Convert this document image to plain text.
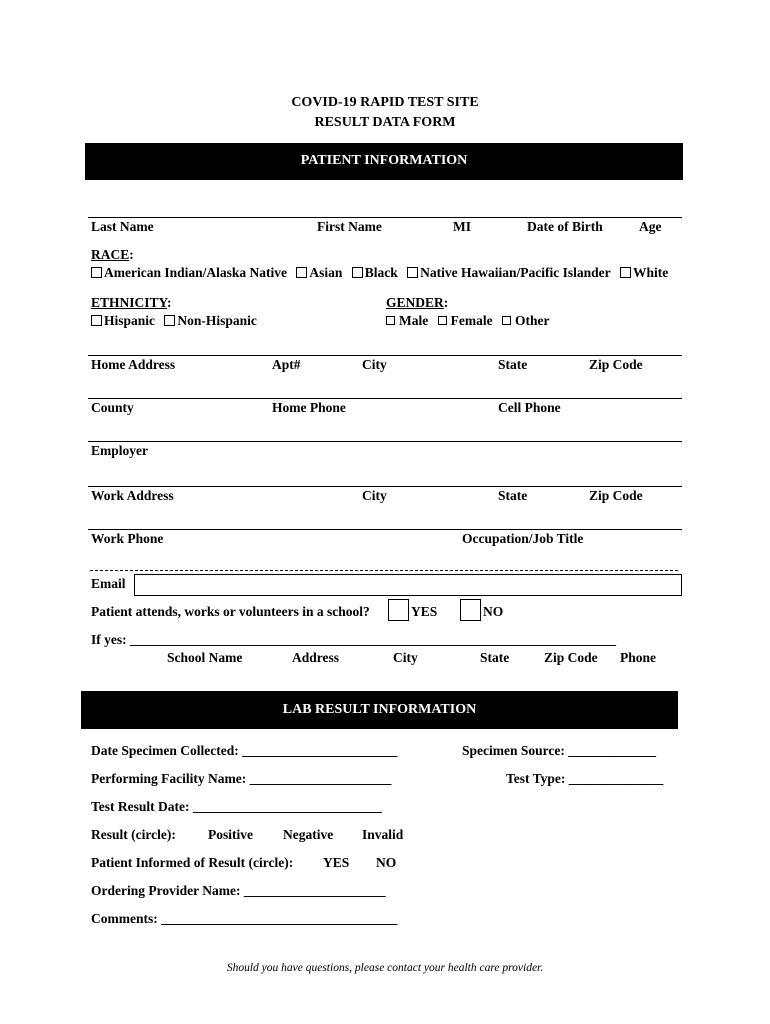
COVID-19 RAPID TEST SITE
RESULT DATA FORM
PATIENT INFORMATION
Last Name	First Name	MI	Date of Birth	Age
RACE:
American Indian/Alaska Native Asian Black Native Hawaiian/Pacific Islander White
ETHNICITY:
Hispanic Non-Hispanic
GENDER:
Male Female Other
Home Address	Apt#	City	State	Zip Code
County	Home Phone	Cell Phone
Employer
Work Address	City	State	Zip Code
Work Phone	Occupation/Job Title
Email
Patient attends, works or volunteers in a school?	YES	NO
If yes: ________________________________________________________________________
School Name	Address	City	State	Zip Code Phone
LAB RESULT INFORMATION
Date Specimen Collected: _______________________	Specimen Source: _____________
Performing Facility Name: _____________________	Test Type: ______________
Test Result Date: ____________________________
Result (circle): Positive Negative Invalid
Patient Informed of Result (circle): YES NO
Ordering Provider Name: _____________________
Comments: ___________________________________
Should you have questions, please contact your health care provider.
